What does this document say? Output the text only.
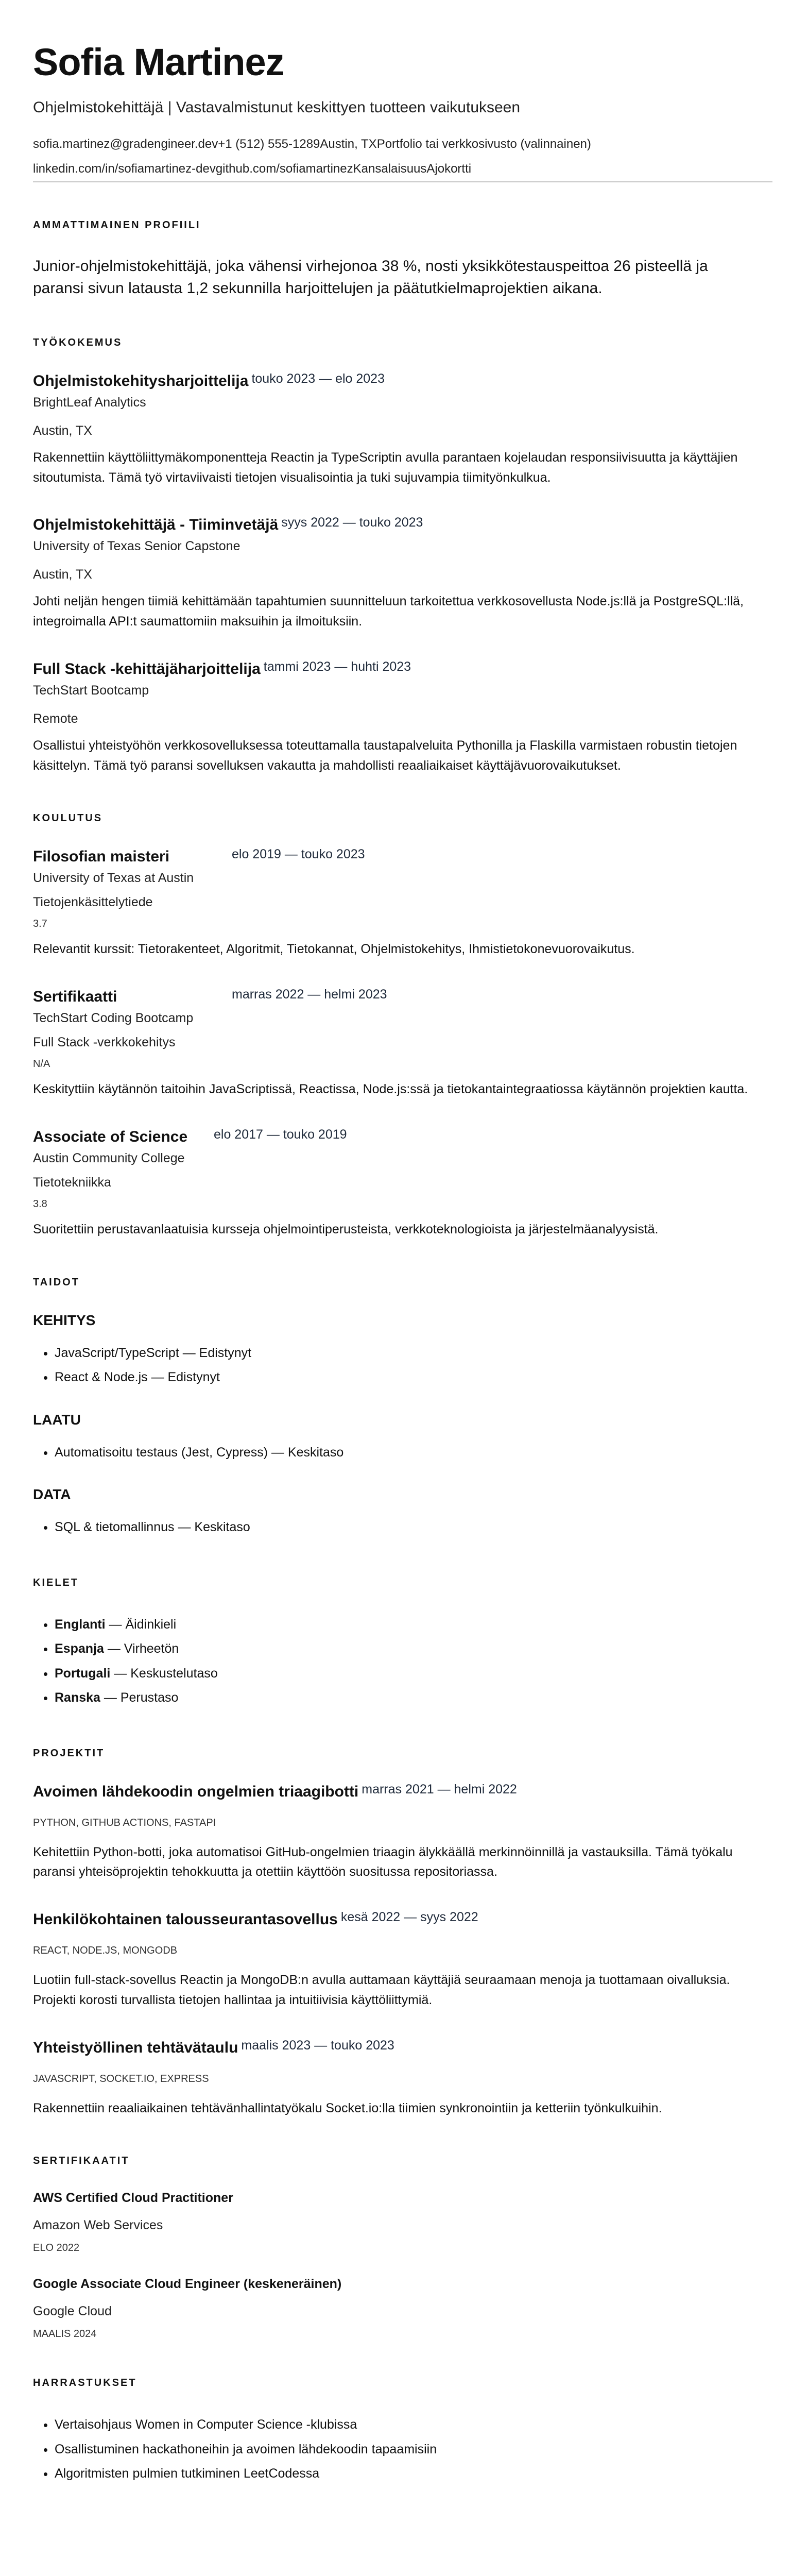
Sofia Martinez
Ohjelmistokehittäjä | Vastavalmistunut keskittyen tuotteen vaikutukseen
sofia.martinez@gradengineer.dev +1 (512) 555-1289 Austin, TX Portfolio tai verkkosivusto (valinnainen)
linkedin.com/in/sofiamartinez-dev github.com/sofiamartinez Kansalaisuus Ajokortti
AMMATTIMAINEN PROFIILI

Junior-ohjelmistokehittäjä, joka vähensi virhejonoa 38 %, nosti yksikkötestauspeittoa 26 pisteellä ja paransi sivun latausta 1,2 sekunnilla harjoittelujen ja päätutkielmaprojektien aikana.

TYÖKOKEMUS
Ohjelmistokehitysharjoittelija touko 2023 — elo 2023
BrightLeaf Analytics
Austin, TX
Rakennettiin käyttöliittymäkomponentteja Reactin ja TypeScriptin avulla parantaen kojelaudan responsiivisuutta ja käyttäjien sitoutumista. Tämä työ virtaviivaisti tietojen visualisointia ja tuki sujuvampia tiimityönkulkua.
Ohjelmistokehittäjä - Tiiminvetäjä syys 2022 — touko 2023
University of Texas Senior Capstone
Austin, TX
Johti neljän hengen tiimiä kehittämään tapahtumien suunnitteluun tarkoitettua verkkosovellusta Node.js:llä ja PostgreSQL:llä, integroimalla API:t saumattomiin maksuihin ja ilmoituksiin.
Full Stack -kehittäjäharjoittelija tammi 2023 — huhti 2023
TechStart Bootcamp
Remote
Osallistui yhteistyöhön verkkosovelluksessa toteuttamalla taustapalveluita Pythonilla ja Flaskilla varmistaen robustin tietojen käsittelyn. Tämä työ paransi sovelluksen vakautta ja mahdollisti reaaliaikaiset käyttäjävuorovaikutukset.
KOULUTUS
Filosofian maisteri	elo 2019 — touko 2023
University of Texas at Austin
Tietojenkäsittelytiede
3.7
Relevantit kurssit: Tietorakenteet, Algoritmit, Tietokannat, Ohjelmistokehitys, Ihmistietokonevuorovaikutus.
Sertifikaatti	marras 2022 — helmi 2023
TechStart Coding Bootcamp
Full Stack -verkkokehitys
N/A
Keskityttiin käytännön taitoihin JavaScriptissä, Reactissa, Node.js:ssä ja tietokantaintegraatiossa käytännön projektien kautta.
Associate of Science	elo 2017 — touko 2019
Austin Community College
Tietotekniikka
3.8
Suoritettiin perustavanlaatuisia kursseja ohjelmointiperusteista, verkkoteknologioista ja järjestelmäanalyysistä.
TAIDOT
KEHITYS
• JavaScript/TypeScript — Edistynyt
• React & Node.js — Edistynyt
LAATU
• Automatisoitu testaus (Jest, Cypress) — Keskitaso
DATA
• SQL & tietomallinnus — Keskitaso
KIELET
• Englanti — Äidinkieli
• Espanja — Virheetön
• Portugali — Keskustelutaso
• Ranska — Perustaso
PROJEKTIT
Avoimen lähdekoodin ongelmien triaagibotti marras 2021 — helmi 2022
PYTHON, GITHUB ACTIONS, FASTAPI
Kehitettiin Python-botti, joka automatisoi GitHub-ongelmien triaagin älykkäällä merkinnöinnillä ja vastauksilla. Tämä työkalu paransi yhteisöprojektin tehokkuutta ja otettiin käyttöön suositussa repositoriassa.
Henkilökohtainen talousseurantasovellus kesä 2022 — syys 2022
REACT, NODE.JS, MONGODB
Luotiin full-stack-sovellus Reactin ja MongoDB:n avulla auttamaan käyttäjiä seuraamaan menoja ja tuottamaan oivalluksia. Projekti korosti turvallista tietojen hallintaa ja intuitiivisia käyttöliittymiä.
Yhteistyöllinen tehtävätaulu maalis 2023 — touko 2023
JAVASCRIPT, SOCKET.IO, EXPRESS
Rakennettiin reaaliaikainen tehtävänhallintatyökalu Socket.io:lla tiimien synkronointiin ja ketteriin työnkulkuihin.
SERTIFIKAATIT
AWS Certified Cloud Practitioner
Amazon Web Services
ELO 2022
Google Associate Cloud Engineer (keskeneräinen)
Google Cloud
MAALIS 2024
HARRASTUKSET
• Vertaisohjaus Women in Computer Science -klubissa
• Osallistuminen hackathoneihin ja avoimen lähdekoodin tapaamisiin
• Algoritmisten pulmien tutkiminen LeetCodessa
